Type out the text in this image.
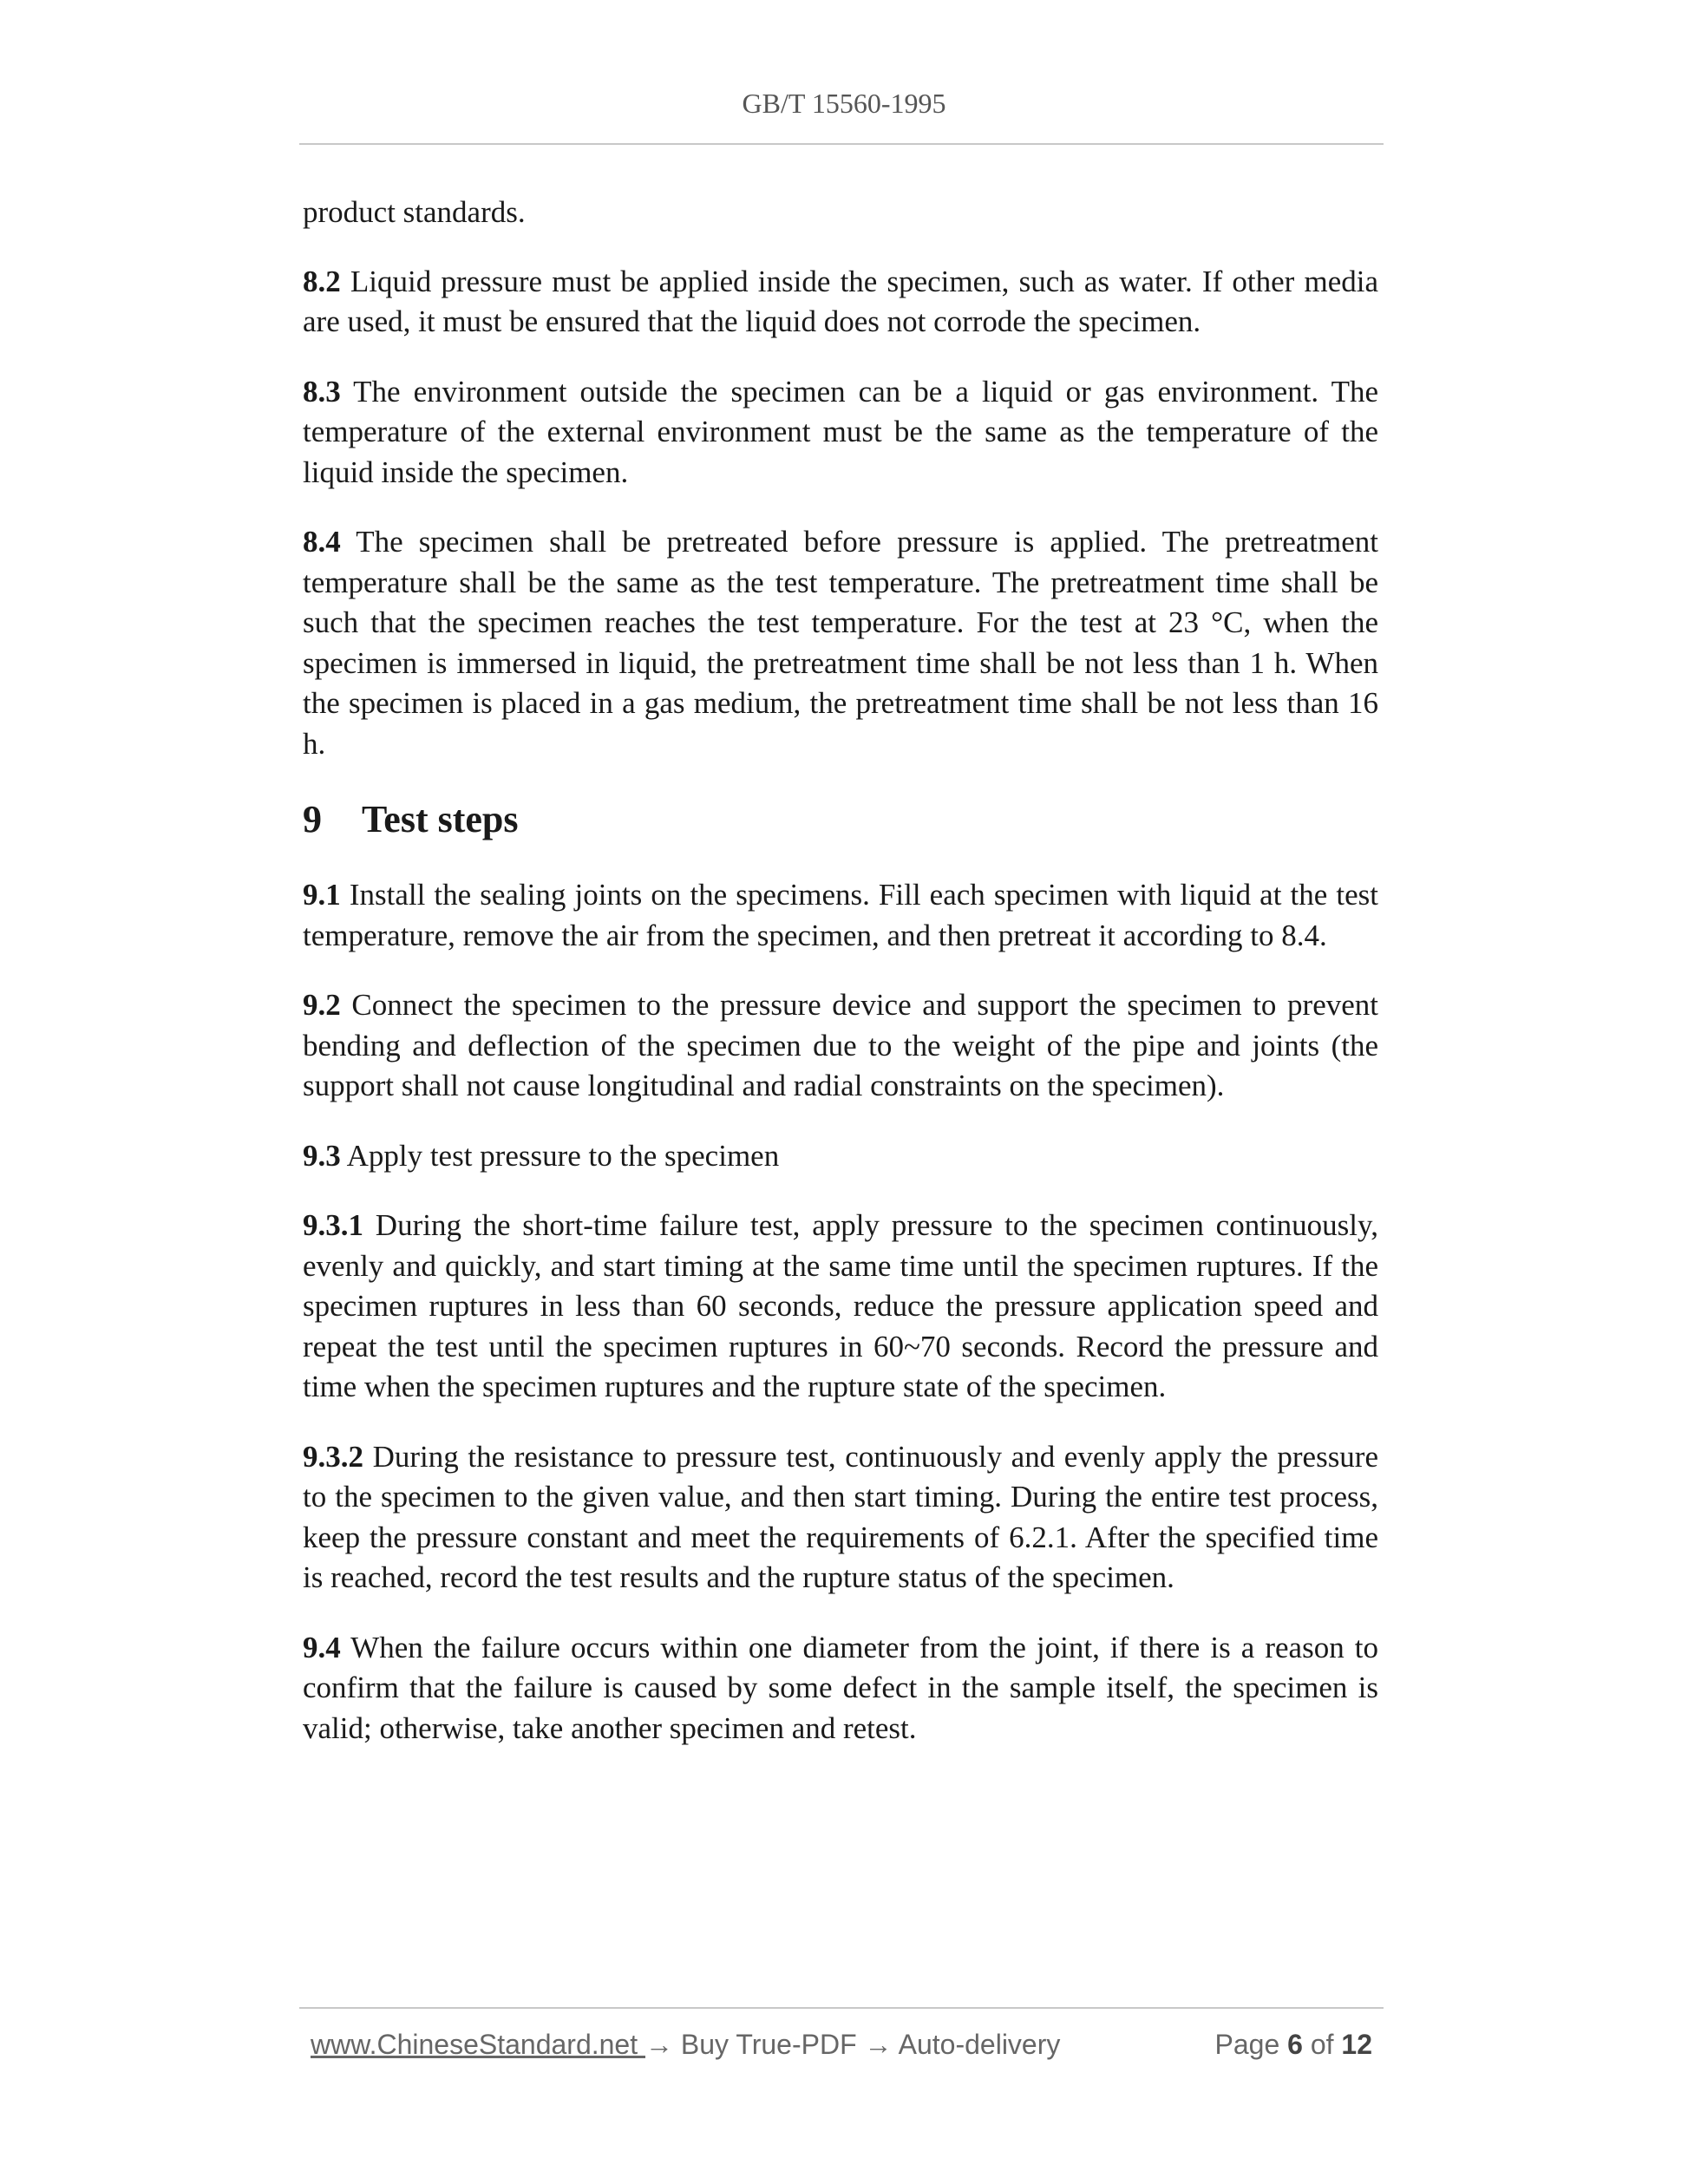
GB/T 15560-1995

product standards.

8.2 Liquid pressure must be applied inside the specimen, such as water. If other media are used, it must be ensured that the liquid does not corrode the specimen.

8.3 The environment outside the specimen can be a liquid or gas environment. The temperature of the external environment must be the same as the temperature of the liquid inside the specimen.

8.4 The specimen shall be pretreated before pressure is applied. The pretreatment temperature shall be the same as the test temperature. The pretreatment time shall be such that the specimen reaches the test temperature. For the test at 23 °C, when the specimen is immersed in liquid, the pretreatment time shall be not less than 1 h. When the specimen is placed in a gas medium, the pretreatment time shall be not less than 16 h.

9 Test steps

9.1 Install the sealing joints on the specimens. Fill each specimen with liquid at the test temperature, remove the air from the specimen, and then pretreat it according to 8.4.

9.2 Connect the specimen to the pressure device and support the specimen to prevent bending and deflection of the specimen due to the weight of the pipe and joints (the support shall not cause longitudinal and radial constraints on the specimen).

9.3 Apply test pressure to the specimen

9.3.1 During the short-time failure test, apply pressure to the specimen continuously, evenly and quickly, and start timing at the same time until the specimen ruptures. If the specimen ruptures in less than 60 seconds, reduce the pressure application speed and repeat the test until the specimen ruptures in 60~70 seconds. Record the pressure and time when the specimen ruptures and the rupture state of the specimen.

9.3.2 During the resistance to pressure test, continuously and evenly apply the pressure to the specimen to the given value, and then start timing. During the entire test process, keep the pressure constant and meet the requirements of 6.2.1. After the specified time is reached, record the test results and the rupture status of the specimen.

9.4 When the failure occurs within one diameter from the joint, if there is a reason to confirm that the failure is caused by some defect in the sample itself, the specimen is valid; otherwise, take another specimen and retest.

www.ChineseStandard.net → Buy True-PDF → Auto-delivery	Page 6 of 12
